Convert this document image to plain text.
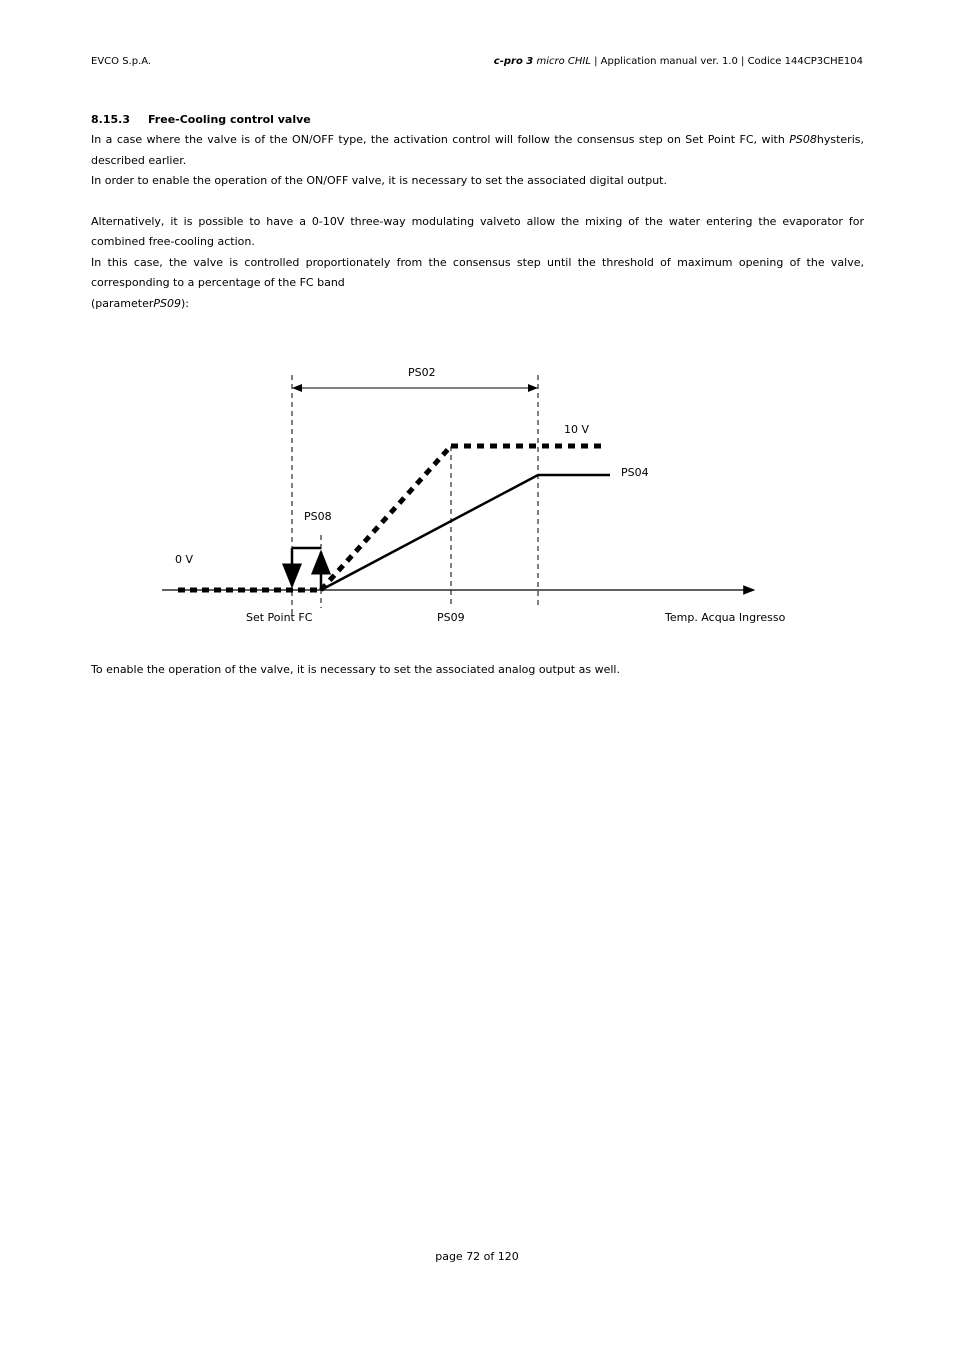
EVCO S.p.A.	c-pro 3 micro CHIL | Application manual ver. 1.0 | Codice 144CP3CHE104
8.15.3 Free-Cooling control valve

In a case where the valve is of the ON/OFF type, the activation control will follow the consensus step on Set Point FC, with PS08hysteris, described earlier.

In order to enable the operation of the ON/OFF valve, it is necessary to set the associated digital output.

Alternatively, it is possible to have a 0-10V three-way modulating valveto allow the mixing of the water entering the evaporator for combined free-cooling action.

In this case, the valve is controlled proportionately from the consensus step until the threshold of maximum opening of the valve, corresponding to a percentage of the FC band

(parameterPS09):

PS02
10 V
PS04
PS08
0 V
Set Point FC	PS09	Temp. Acqua Ingresso

To enable the operation of the valve, it is necessary to set the associated analog output as well.

page 72 of 120
